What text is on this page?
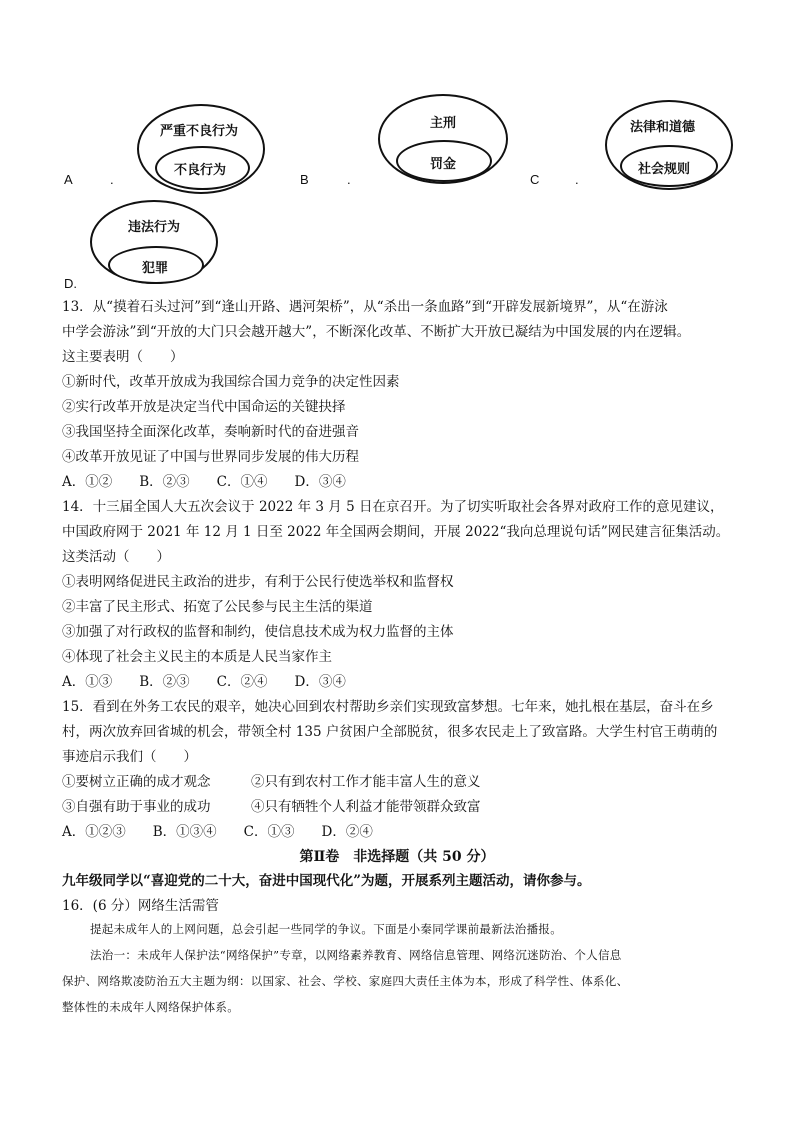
A	.
严重不良行为
不良行为
B	.
主刑
罚金
C	.
法律和道德
社会规则
违法行为
犯罪
D.
13．从“摸着石头过河”到“逢山开路、遇河架桥”，从“杀出一条血路”到“开辟发展新境界”，从“在游泳
中学会游泳”到“开放的大门只会越开越大”，不断深化改革、不断扩大开放已凝结为中国发展的内在逻辑。
这主要表明（　　）
①新时代，改革开放成为我国综合国力竞争的决定性因素
②实行改革开放是决定当代中国命运的关键抉择
③我国坚持全面深化改革，奏响新时代的奋进强音
④改革开放见证了中国与世界同步发展的伟大历程
A．①②　　B．②③　　C．①④　　D．③④
14．十三届全国人大五次会议于 2022 年 3 月 5 日在京召开。为了切实听取社会各界对政府工作的意见建议，
中国政府网于 2021 年 12 月 1 日至 2022 年全国两会期间，开展 2022“我向总理说句话”网民建言征集活动。
这类活动（　　）
①表明网络促进民主政治的进步，有利于公民行使选举权和监督权
②丰富了民主形式、拓宽了公民参与民主生活的渠道
③加强了对行政权的监督和制约，使信息技术成为权力监督的主体
④体现了社会主义民主的本质是人民当家作主
A．①③　　B．②③　　C．②④　　D．③④
15．看到在外务工农民的艰辛，她决心回到农村帮助乡亲们实现致富梦想。七年来，她扎根在基层，奋斗在乡
村，两次放弃回省城的机会，带领全村 135 户贫困户全部脱贫，很多农民走上了致富路。大学生村官王萌萌的
事迹启示我们（　　）
①要树立正确的成才观念　　　②只有到农村工作才能丰富人生的意义
③自强有助于事业的成功　　　④只有牺牲个人利益才能带领群众致富
A．①②③　　B．①③④　　C．①③　　D．②④
第Ⅱ卷　非选择题（共 50 分）
九年级同学以“喜迎党的二十大，奋进中国现代化”为题，开展系列主题活动，请你参与。
16．(6 分）网络生活需管
提起未成年人的上网问题，总会引起一些同学的争议。下面是小秦同学课前最新法治播报。
法治一：未成年人保护法“网络保护”专章，以网络素养教育、网络信息管理、网络沉迷防治、个人信息
保护、网络欺凌防治五大主题为纲：以国家、社会、学校、家庭四大责任主体为本，形成了科学性、体系化、
整体性的未成年人网络保护体系。
